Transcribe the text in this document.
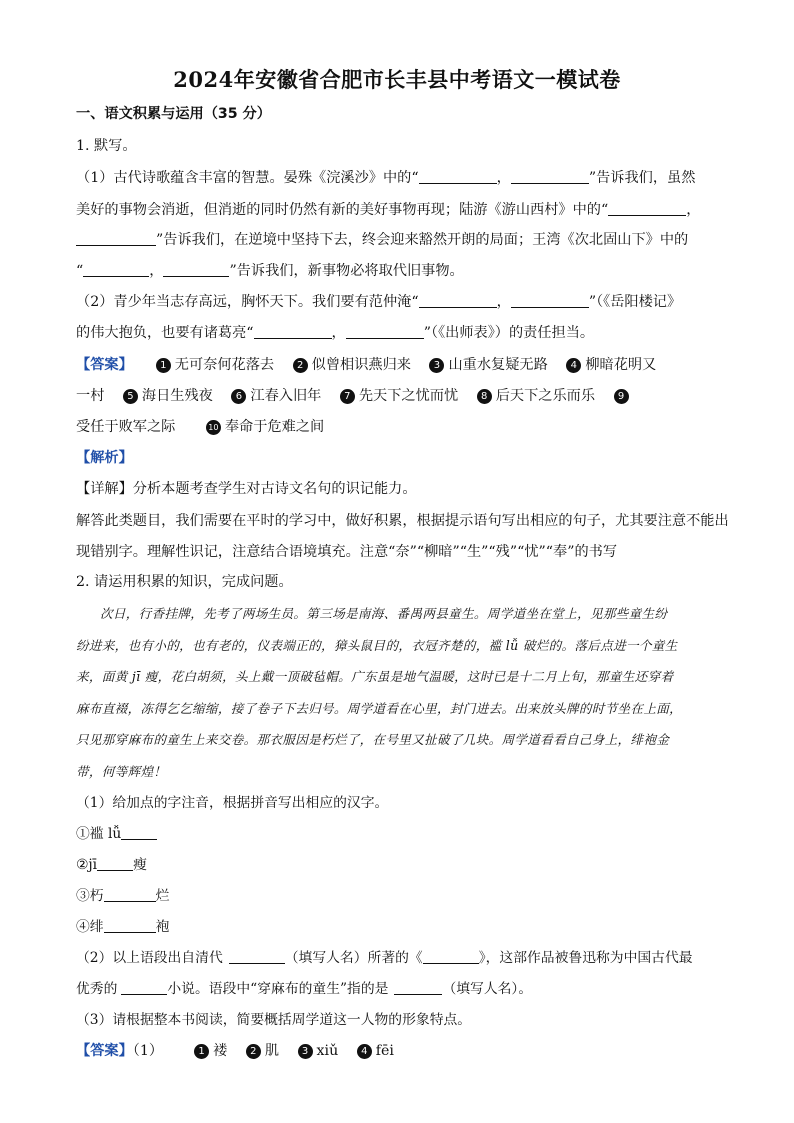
2024年安徽省合肥市长丰县中考语文一模试卷
一、语文积累与运用（35 分）
1. 默写。
（1）古代诗歌蕴含丰富的智慧。晏殊《浣溪沙》中的“	，	”告诉我们，虽然
美好的事物会消逝，但消逝的同时仍然有新的美好事物再现；陆游《游山西村》中的“	，
”告诉我们，在逆境中坚持下去，终会迎来豁然开朗的局面；王湾《次北固山下》中的
“	，	”告诉我们，新事物必将取代旧事物。
（2）青少年当志存高远，胸怀天下。我们要有范仲淹“	，	”（《岳阳楼记》
的伟大抱负，也要有诸葛亮“	，	”（《出师表》）的责任担当。
【答案】	1 无可奈何花落去 2 似曾相识燕归来 3 山重水复疑无路 4 柳暗花明又
一村 5 海日生残夜 6 江春入旧年 7 先天下之忧而忧 8 后天下之乐而乐 9
受任于败军之际	10 奉命于危难之间
【解析】
【详解】分析本题考查学生对古诗文名句的识记能力。
解答此类题目，我们需要在平时的学习中，做好积累，根据提示语句写出相应的句子，尤其要注意不能出
现错别字。理解性识记，注意结合语境填充。注意“奈”“柳暗”“生”“残”“忧”“奉”的书写
2. 请运用积累的知识，完成问题。
次日，行香挂牌，先考了两场生员。第三场是南海、番禺两县童生。周学道坐在堂上，见那些童生纷
纷进来，也有小的，也有老的，仪表端正的，獐头鼠目的，衣冠齐楚的，褴 lǚ 破烂的。落后点进一个童生
来，面黄 jī 瘦，花白胡须，头上戴一顶破毡帽。广东虽是地气温暖，这时已是十二月上旬，那童生还穿着
麻布直裰，冻得乞乞缩缩，接了卷子下去归号。周学道看在心里，封门进去。出来放头牌的时节坐在上面，
只见那穿麻布的童生上来交卷。那衣服因是朽烂了，在号里又扯破了几块。周学道看看自己身上，绯袍金
带，何等辉煌！
（1）给加点的字注音，根据拼音写出相应的汉字。
①褴 lǚ
②jī	瘦
③朽	烂
④绯	袍
（2）以上语段出自清代	（填写人名）所著的《	》，这部作品被鲁迅称为中国古代最
优秀的	小说。语段中“穿麻布的童生”指的是	（填写人名）。
（3）请根据整本书阅读，简要概括周学道这一人物的形象特点。
【答案】（1）	1 褛 2 肌 3 xiǔ 4 fēi
